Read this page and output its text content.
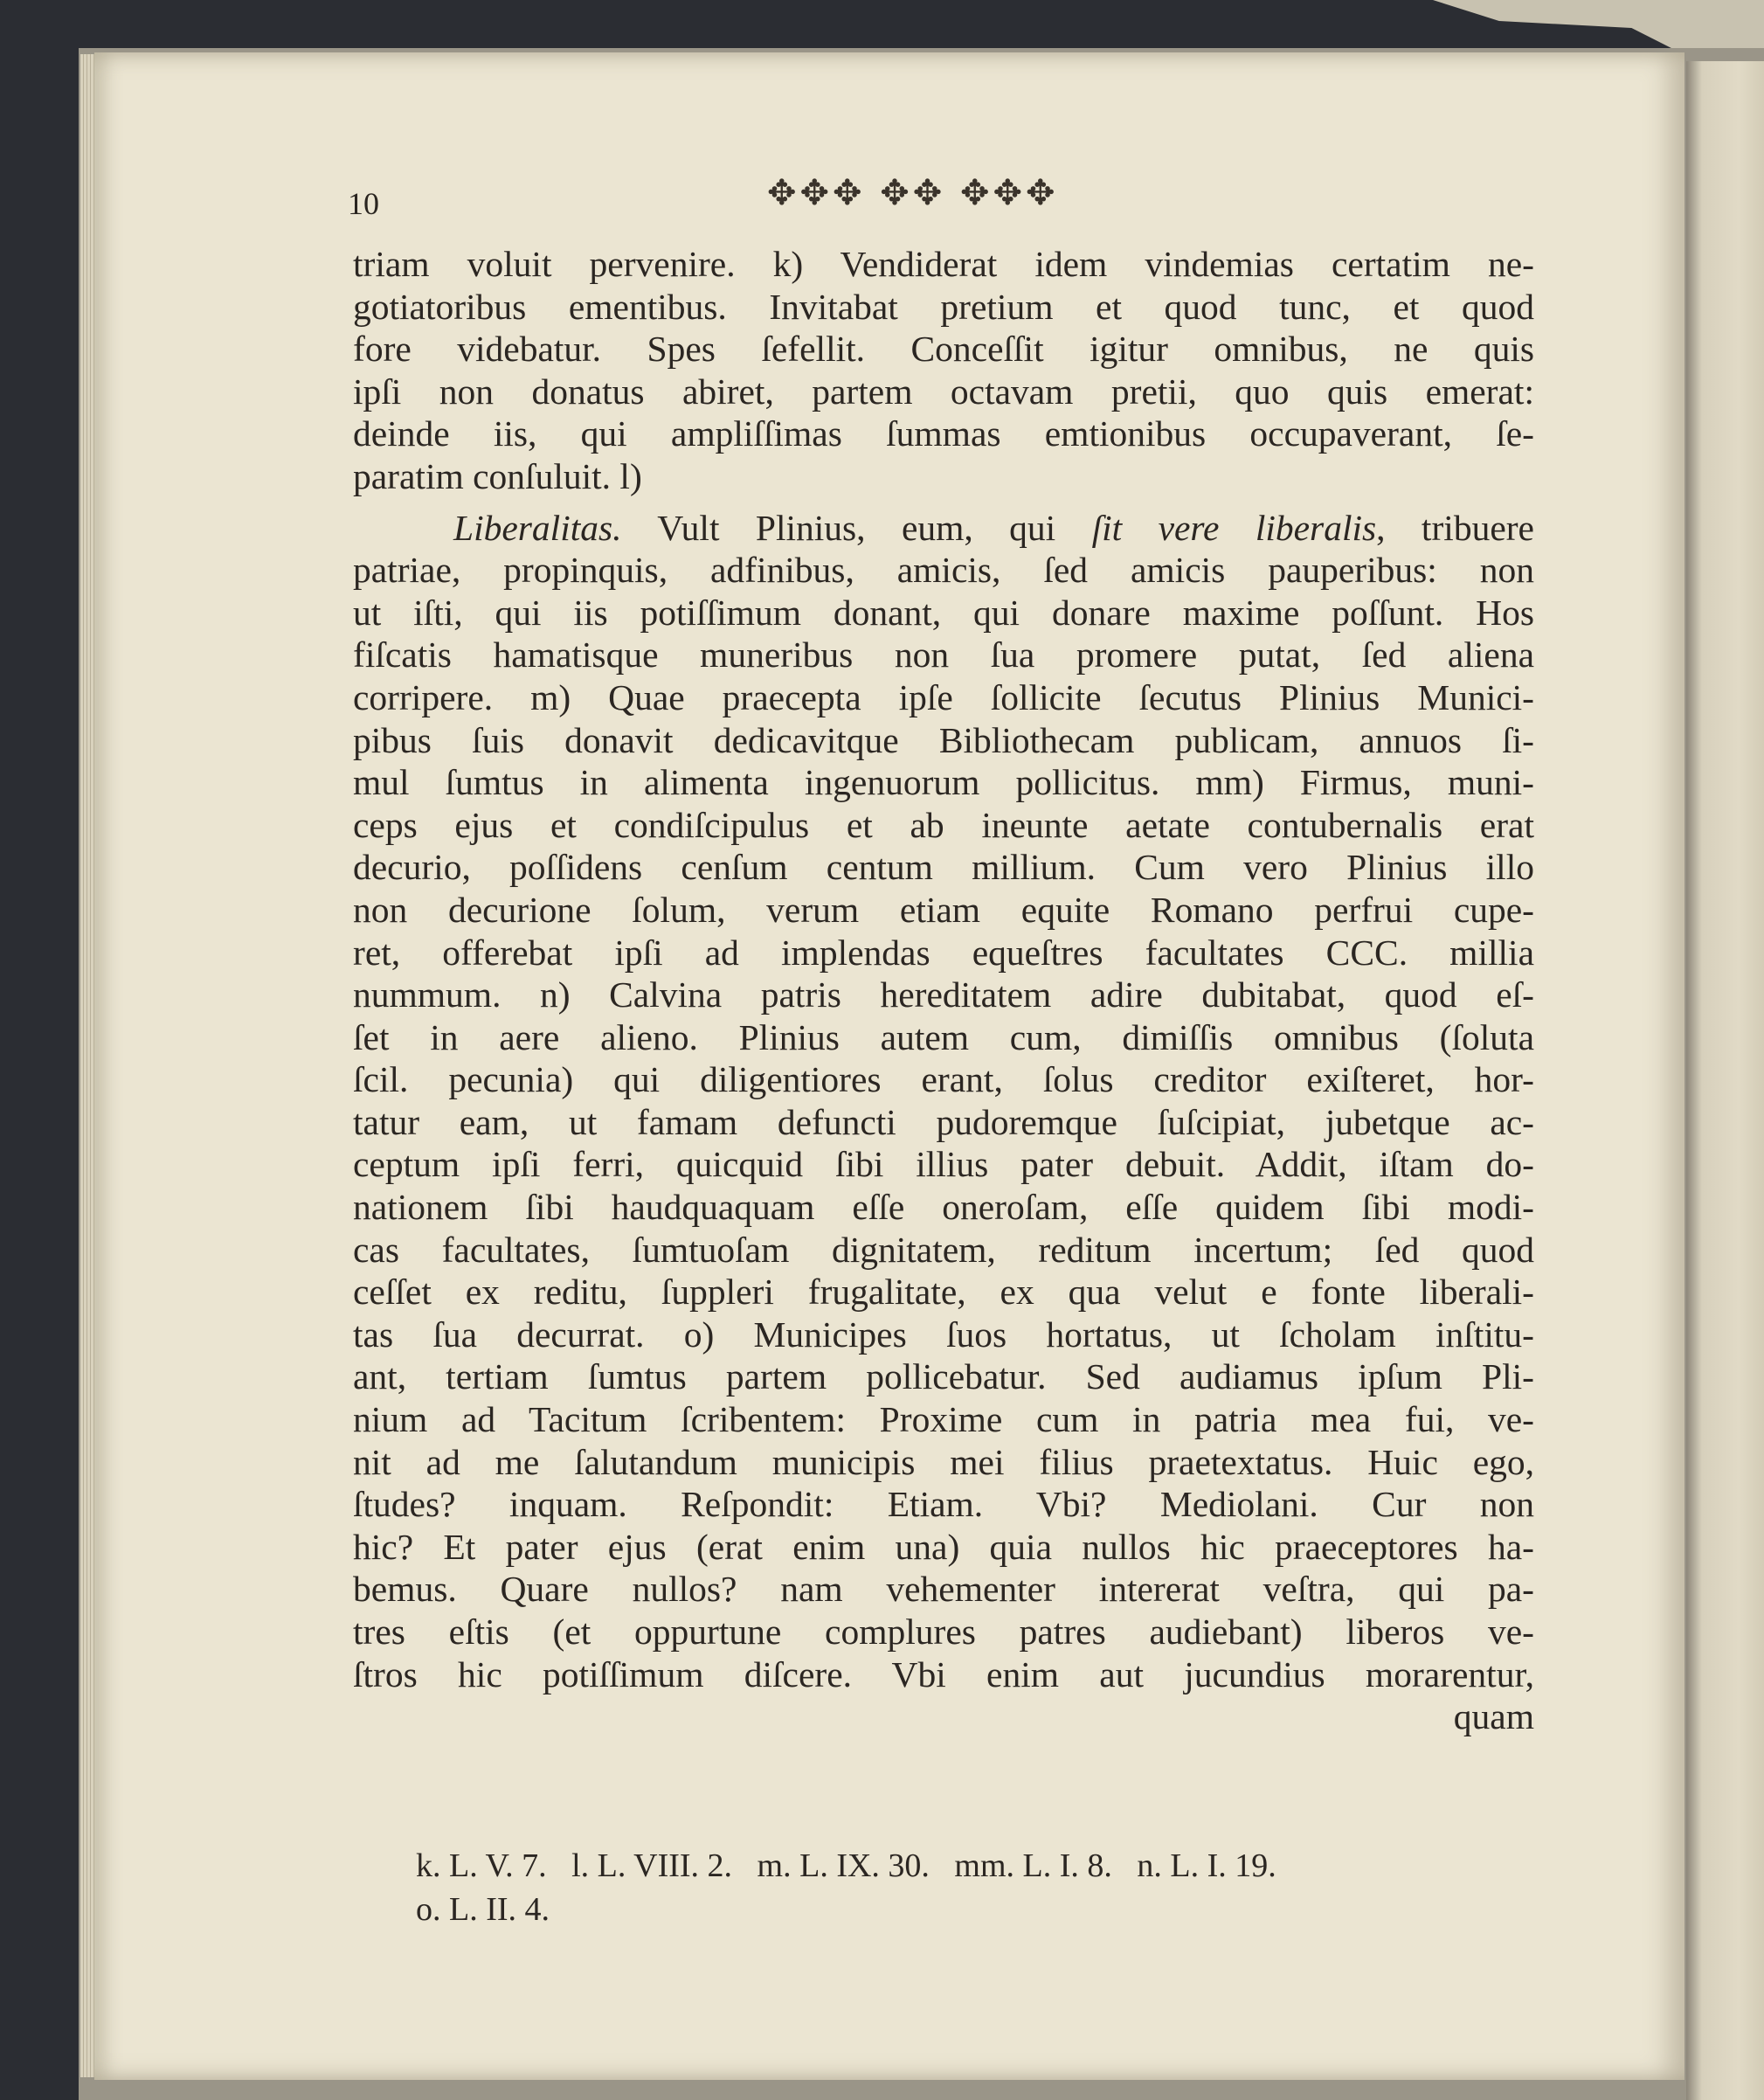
10	✥✥✥ ✥✥ ✥✥✥
triam voluit pervenire. k) Vendiderat idem vindemias certatim ne-
gotiatoribus ementibus. Invitabat pretium et quod tunc, et quod
fore videbatur. Spes ſefellit. Conceſſit igitur omnibus, ne quis
ipſi non donatus abiret, partem octavam pretii, quo quis emerat:
deinde iis, qui ampliſſimas ſummas emtionibus occupaverant, ſe-
paratim conſuluit. l)
Liberalitas. Vult Plinius, eum, qui ſit vere liberalis, tribuere
patriae, propinquis, adfinibus, amicis, ſed amicis pauperibus: non
ut iſti, qui iis potiſſimum donant, qui donare maxime poſſunt. Hos
fiſcatis hamatisque muneribus non ſua promere putat, ſed aliena
corripere. m) Quae praecepta ipſe ſollicite ſecutus Plinius Munici-
pibus ſuis donavit dedicavitque Bibliothecam publicam, annuos ſi-
mul ſumtus in alimenta ingenuorum pollicitus. mm) Firmus, muni-
ceps ejus et condiſcipulus et ab ineunte aetate contubernalis erat
decurio, poſſidens cenſum centum millium. Cum vero Plinius illo
non decurione ſolum, verum etiam equite Romano perfrui cupe-
ret, offerebat ipſi ad implendas equeſtres facultates CCC. millia
nummum. n) Calvina patris hereditatem adire dubitabat, quod eſ-
ſet in aere alieno. Plinius autem cum, dimiſſis omnibus (ſoluta
ſcil. pecunia) qui diligentiores erant, ſolus creditor exiſteret, hor-
tatur eam, ut famam defuncti pudoremque ſuſcipiat, jubetque ac-
ceptum ipſi ferri, quicquid ſibi illius pater debuit. Addit, iſtam do-
nationem ſibi haudquaquam eſſe oneroſam, eſſe quidem ſibi modi-
cas facultates, ſumtuoſam dignitatem, reditum incertum; ſed quod
ceſſet ex reditu, ſuppleri frugalitate, ex qua velut e fonte liberali-
tas ſua decurrat. o) Municipes ſuos hortatus, ut ſcholam inſtitu-
ant, tertiam ſumtus partem pollicebatur. Sed audiamus ipſum Pli-
nium ad Tacitum ſcribentem: Proxime cum in patria mea fui, ve-
nit ad me ſalutandum municipis mei filius praetextatus. Huic ego,
ſtudes? inquam. Reſpondit: Etiam. Vbi? Mediolani. Cur non
hic? Et pater ejus (erat enim una) quia nullos hic praeceptores ha-
bemus. Quare nullos? nam vehementer intererat veſtra, qui pa-
tres eſtis (et oppurtune complures patres audiebant) liberos ve-
ſtros hic potiſſimum diſcere. Vbi enim aut jucundius morarentur,
quam
k. L. V. 7.   l. L. VIII. 2.   m. L. IX. 30.   mm. L. I. 8.   n. L. I. 19.
o. L. II. 4.
